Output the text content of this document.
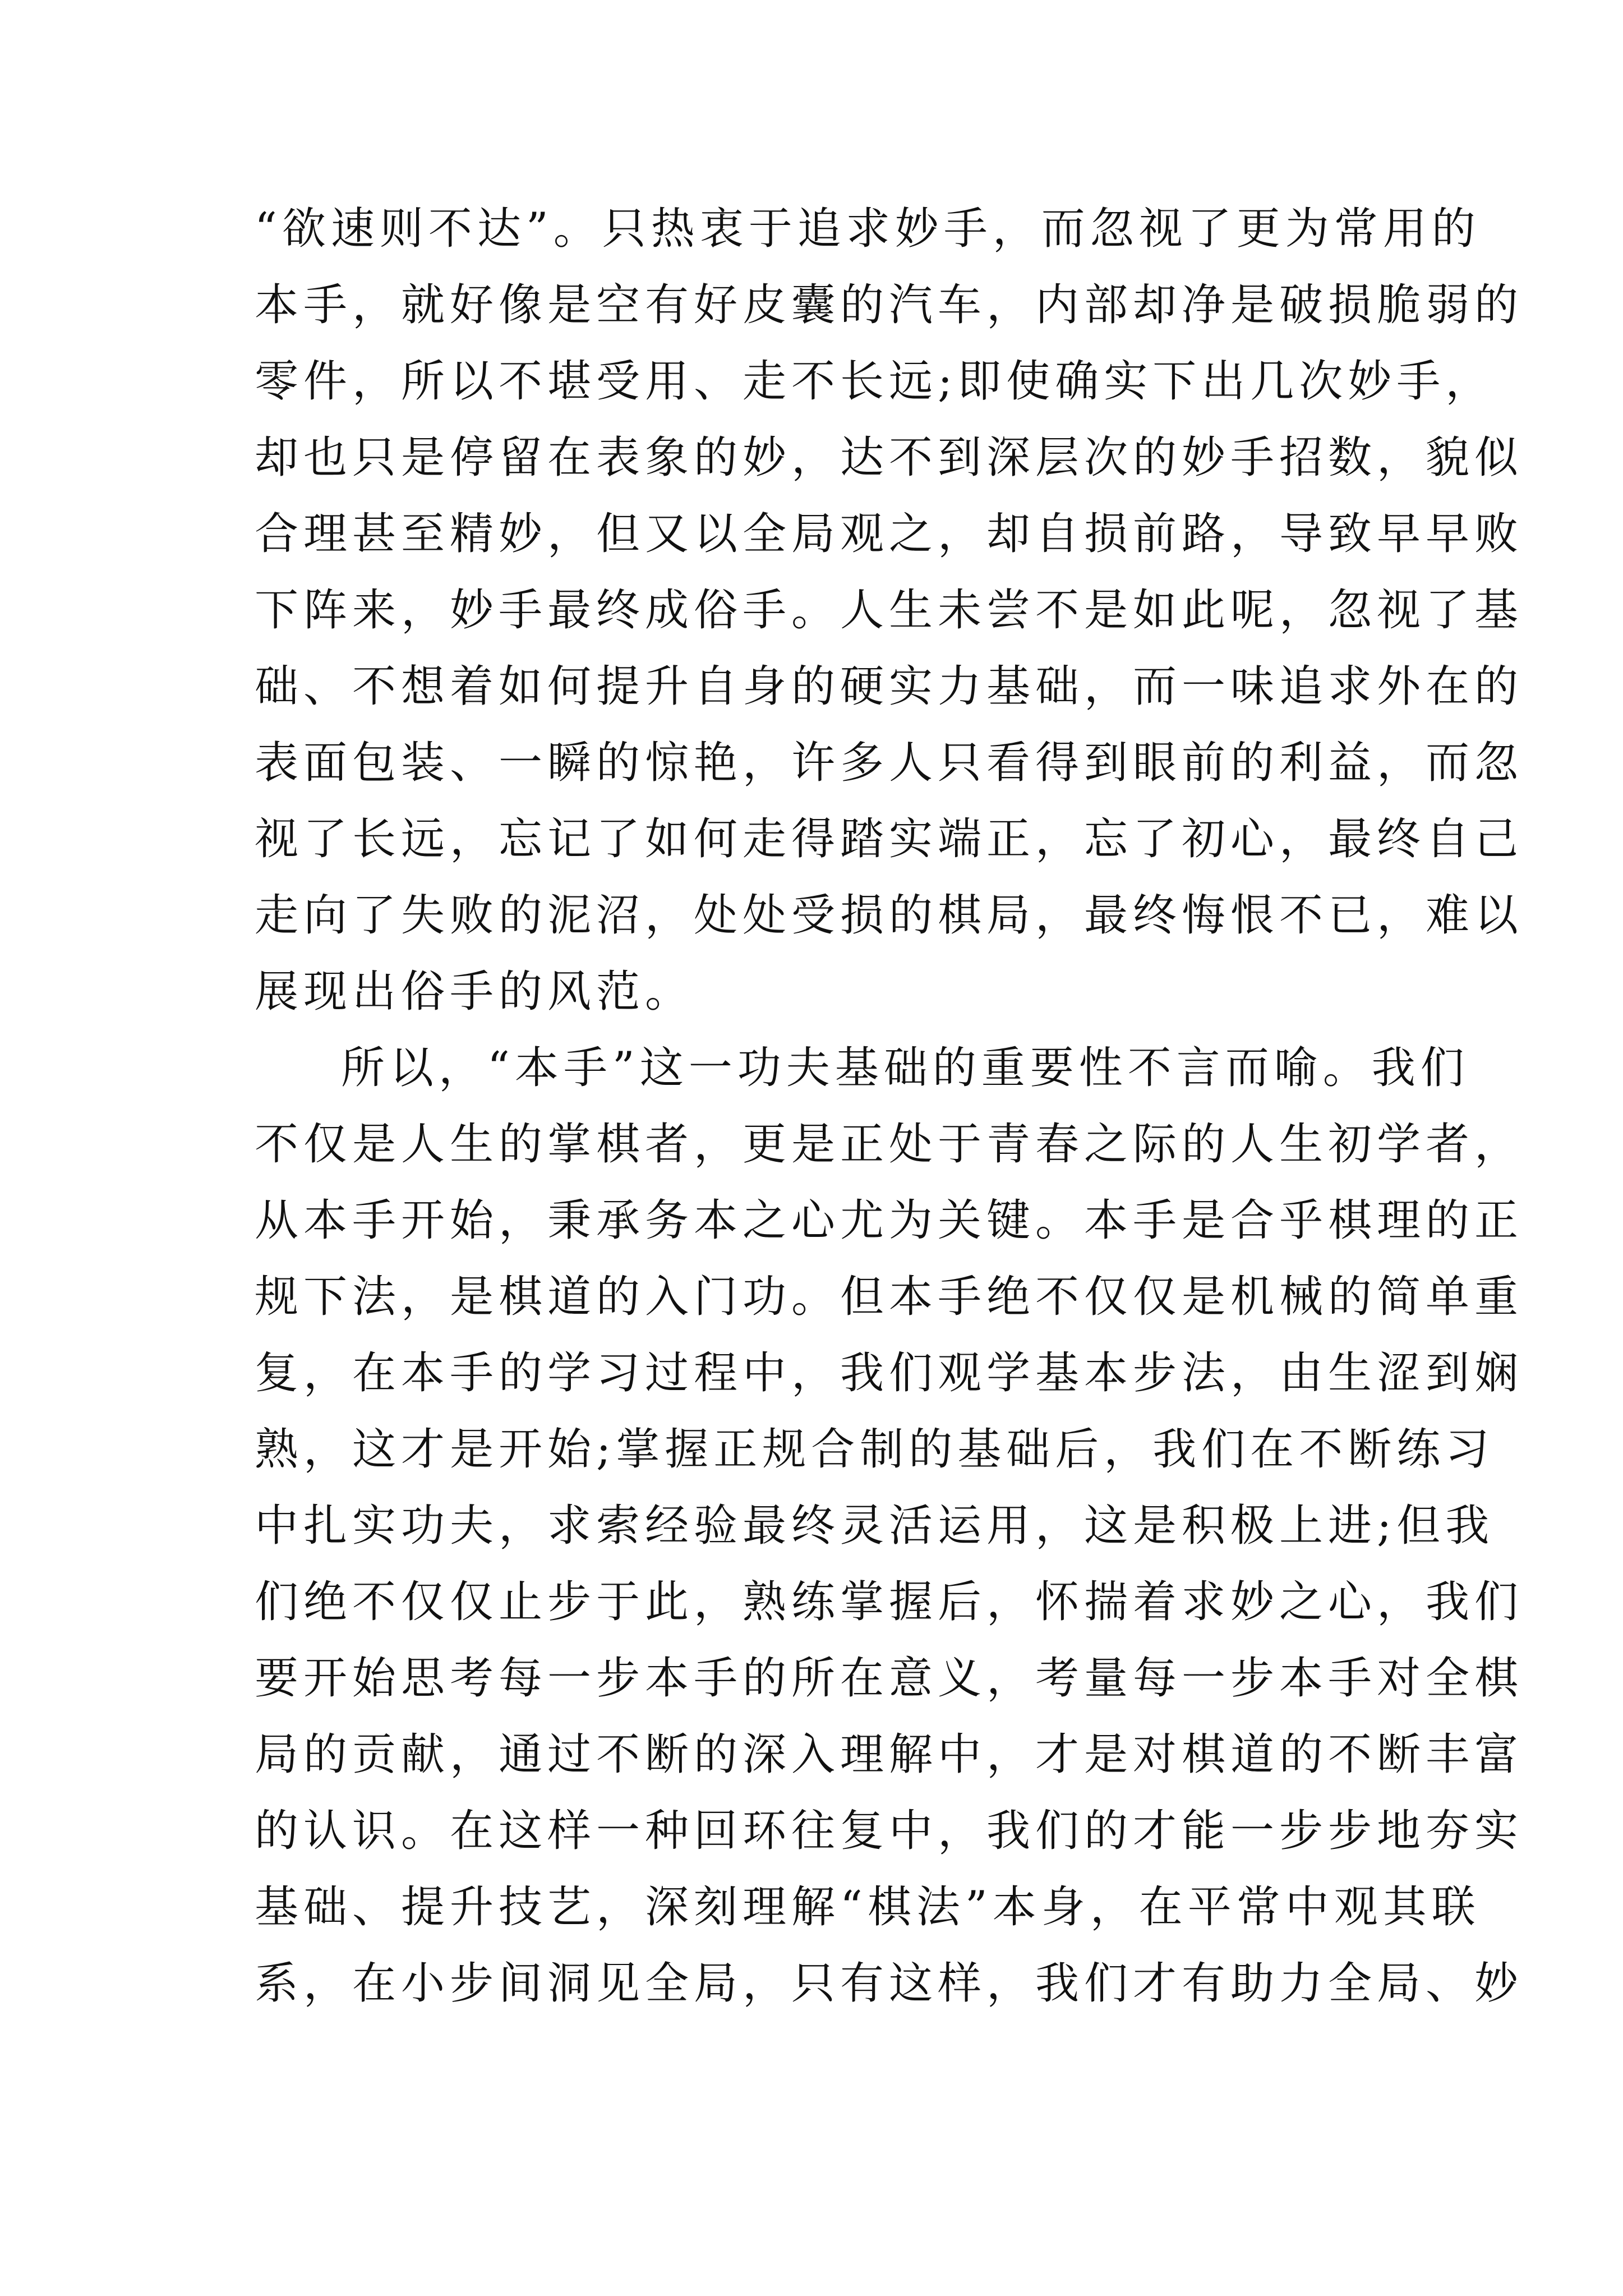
“欲速则不达”。只热衷于追求妙手，而忽视了更为常用的
本手，就好像是空有好皮囊的汽车，内部却净是破损脆弱的
零件，所以不堪受用、走不长远;即使确实下出几次妙手，
却也只是停留在表象的妙，达不到深层次的妙手招数，貌似
合理甚至精妙，但又以全局观之，却自损前路，导致早早败
下阵来，妙手最终成俗手。人生未尝不是如此呢，忽视了基
础、不想着如何提升自身的硬实力基础，而一味追求外在的
表面包装、一瞬的惊艳，许多人只看得到眼前的利益，而忽
视了长远，忘记了如何走得踏实端正，忘了初心，最终自己
走向了失败的泥沼，处处受损的棋局，最终悔恨不已，难以
展现出俗手的风范。
所以，“本手”这一功夫基础的重要性不言而喻。我们
不仅是人生的掌棋者，更是正处于青春之际的人生初学者，
从本手开始，秉承务本之心尤为关键。本手是合乎棋理的正
规下法，是棋道的入门功。但本手绝不仅仅是机械的简单重
复，在本手的学习过程中，我们观学基本步法，由生涩到娴
熟，这才是开始;掌握正规合制的基础后，我们在不断练习
中扎实功夫，求索经验最终灵活运用，这是积极上进;但我
们绝不仅仅止步于此，熟练掌握后，怀揣着求妙之心，我们
要开始思考每一步本手的所在意义，考量每一步本手对全棋
局的贡献，通过不断的深入理解中，才是对棋道的不断丰富
的认识。在这样一种回环往复中，我们的才能一步步地夯实
基础、提升技艺，深刻理解“棋法”本身，在平常中观其联
系，在小步间洞见全局，只有这样，我们才有助力全局、妙
